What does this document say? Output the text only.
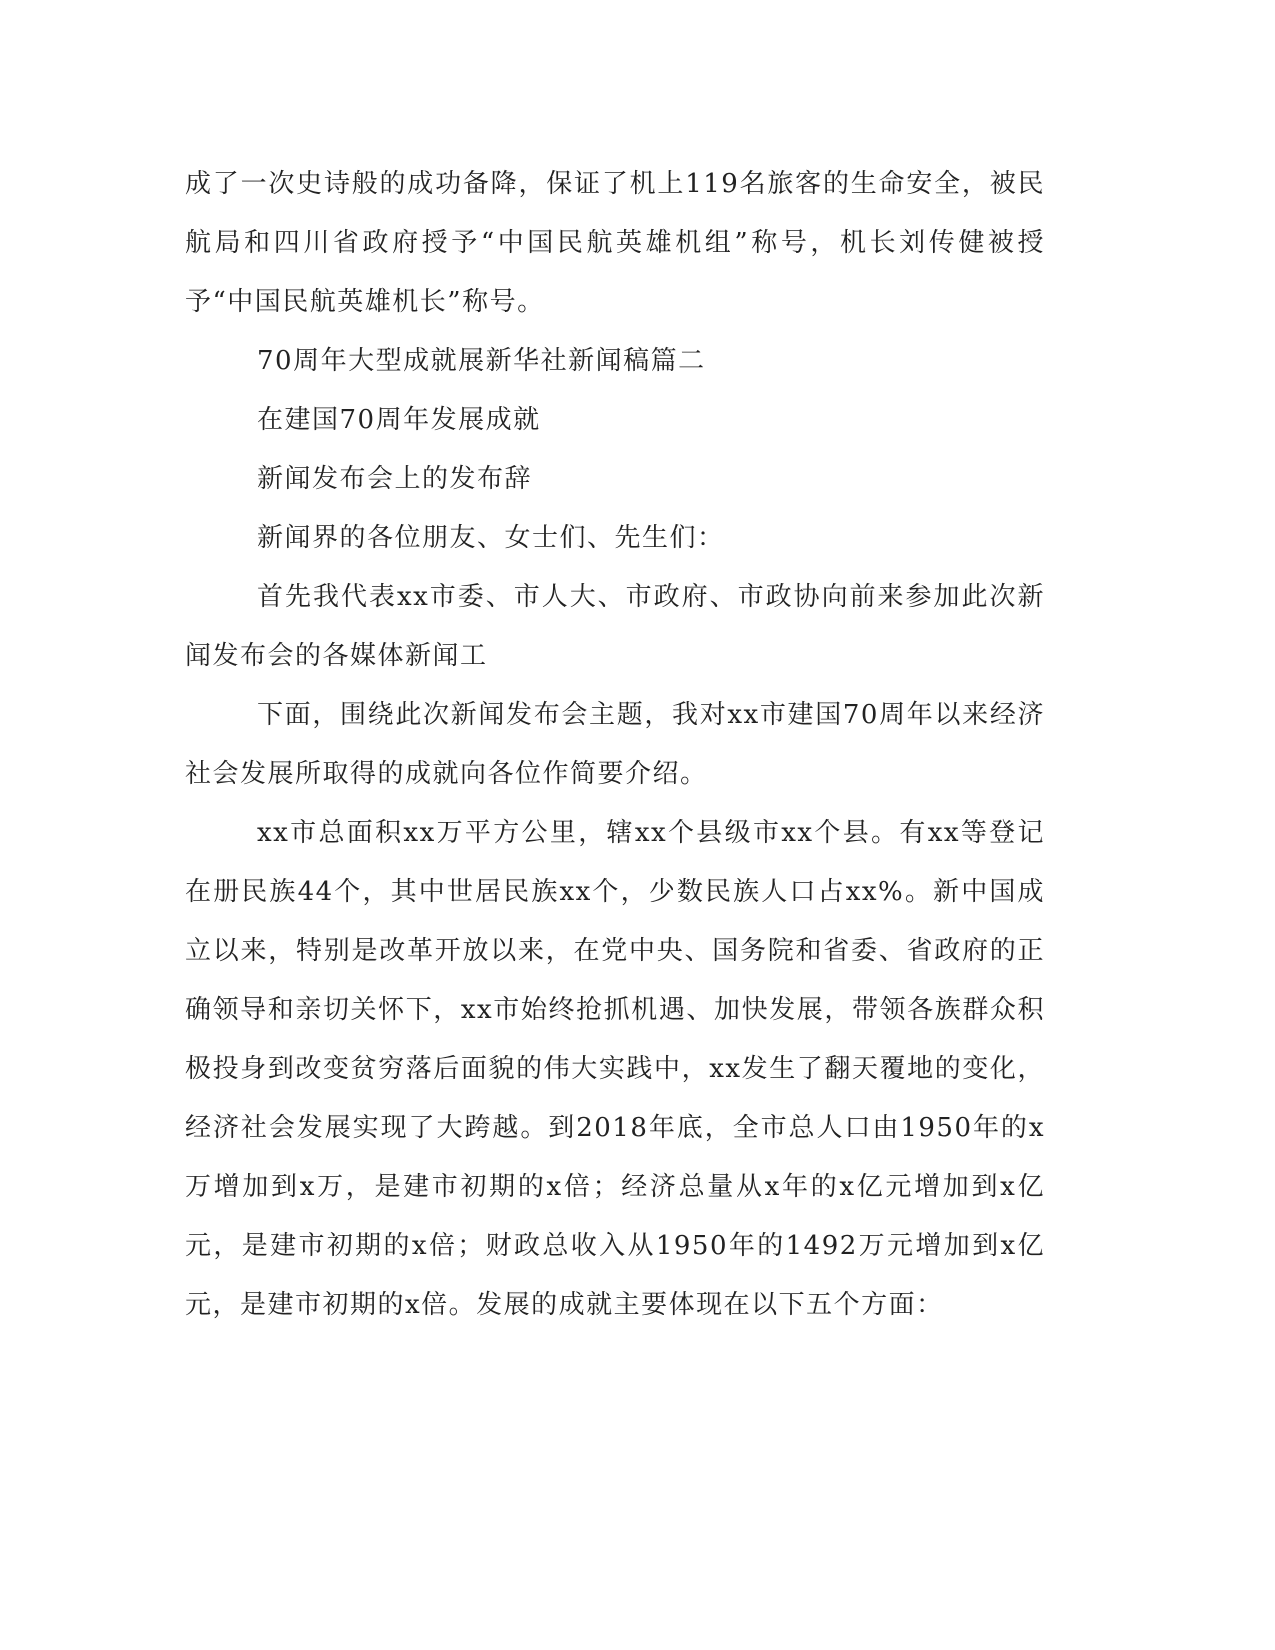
成了一次史诗般的成功备降，保证了机上119名旅客的生命安全，被民航局和四川省政府授予“中国民航英雄机组”称号，机长刘传健被授予“中国民航英雄机长”称号。

70周年大型成就展新华社新闻稿篇二

在建国70周年发展成就

新闻发布会上的发布辞

新闻界的各位朋友、女士们、先生们：

首先我代表xx市委、市人大、市政府、市政协向前来参加此次新闻发布会的各媒体新闻工

下面，围绕此次新闻发布会主题，我对xx市建国70周年以来经济社会发展所取得的成就向各位作简要介绍。

xx市总面积xx万平方公里，辖xx个县级市xx个县。有xx等登记在册民族44个，其中世居民族xx个，少数民族人口占xx%。新中国成立以来，特别是改革开放以来，在党中央、国务院和省委、省政府的正确领导和亲切关怀下，xx市始终抢抓机遇、加快发展，带领各族群众积极投身到改变贫穷落后面貌的伟大实践中，xx发生了翻天覆地的变化，经济社会发展实现了大跨越。到2018年底，全市总人口由1950年的x万增加到x万，是建市初期的x倍；经济总量从x年的x亿元增加到x亿元，是建市初期的x倍；财政总收入从1950年的1492万元增加到x亿元，是建市初期的x倍。发展的成就主要体现在以下五个方面：
